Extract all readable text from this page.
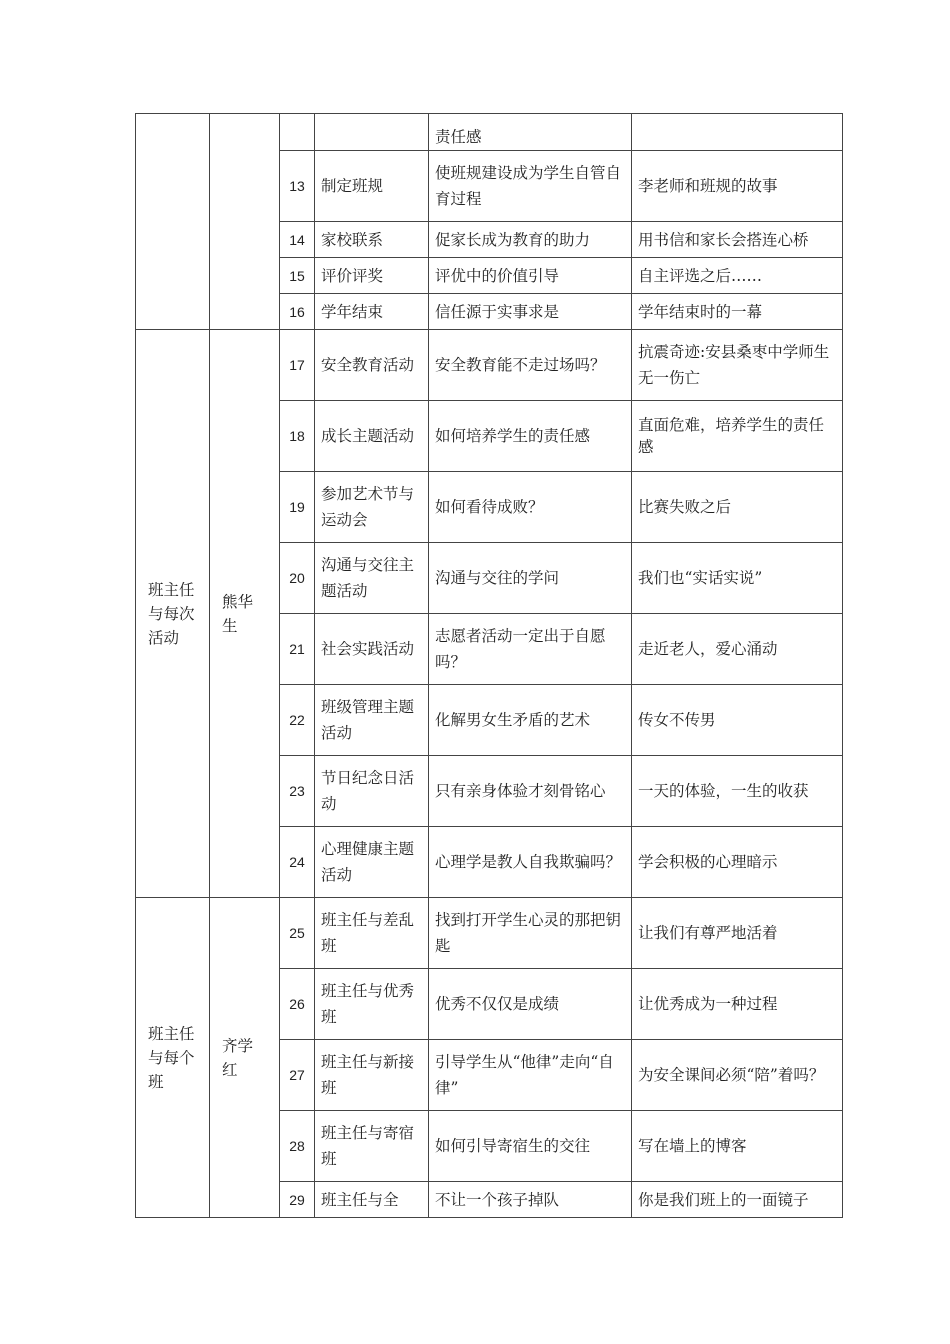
				责任感	

		13	制定班规	使班规建设成为学生自管自育过程	李老师和班规的故事
		14	家校联系	促家长成为教育的助力	用书信和家长会搭连心桥
		15	评价评奖	评优中的价值引导	自主评选之后……
		16	学年结束	信任源于实事求是	学年结束时的一幕
班主任与每次活动	熊华生	17	安全教育活动	安全教育能不走过场吗？	抗震奇迹:安县桑枣中学师生无一伤亡
		18	成长主题活动	如何培养学生的责任感	直面危难，培养学生的责任感
		19	参加艺术节与运动会	如何看待成败？	比赛失败之后
		20	沟通与交往主题活动	沟通与交往的学问	我们也“实话实说”
		21	社会实践活动	志愿者活动一定出于自愿吗？	走近老人，爱心涌动
		22	班级管理主题活动	化解男女生矛盾的艺术	传女不传男
		23	节日纪念日活动	只有亲身体验才刻骨铭心	一天的体验，一生的收获
		24	心理健康主题活动	心理学是教人自我欺骗吗？	学会积极的心理暗示
班主任与每个班	齐学红	25	班主任与差乱班	找到打开学生心灵的那把钥匙	让我们有尊严地活着
		26	班主任与优秀班	优秀不仅仅是成绩	让优秀成为一种过程
		27	班主任与新接班	引导学生从“他律”走向“自律”	为安全课间必须“陪”着吗？
		28	班主任与寄宿班	如何引导寄宿生的交往	写在墙上的博客
		29	班主任与全	不让一个孩子掉队	你是我们班上的一面镜子
